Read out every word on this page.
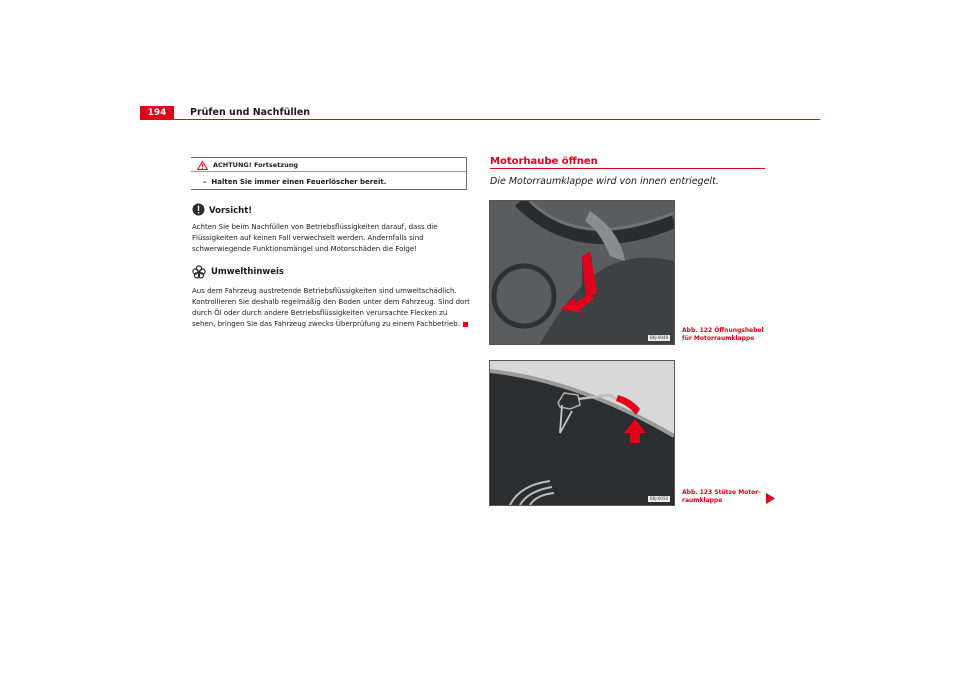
194	Prüfen und Nachfüllen
ACHTUNG! Fortsetzung
–  Halten Sie immer einen Feuerlöscher bereit.
Vorsicht!
Achten Sie beim Nachfüllen von Betriebsflüssigkeiten darauf, dass die Flüssigkeiten auf keinen Fall verwechselt werden. Andernfalls sind schwerwiegende Funktionsmängel und Motorschäden die Folge!
Umwelthinweis
Aus dem Fahrzeug austretende Betriebsflüssigkeiten sind umweltschädlich. Kontrollieren Sie deshalb regelmäßig den Boden unter dem Fahrzeug. Sind dort durch Öl oder durch andere Betriebsflüssigkeiten verursachte Flecken zu sehen, bringen Sie das Fahrzeug zwecks Überprüfung zu einem Fachbetrieb.
Motorhaube öffnen
Die Motorraumklappe wird von innen entriegelt.
B6J-0049
B6J-0050
Abb. 122 Öffnungshebel
für Motorraumklappe
Abb. 123 Stütze Motor-
raumklappe
